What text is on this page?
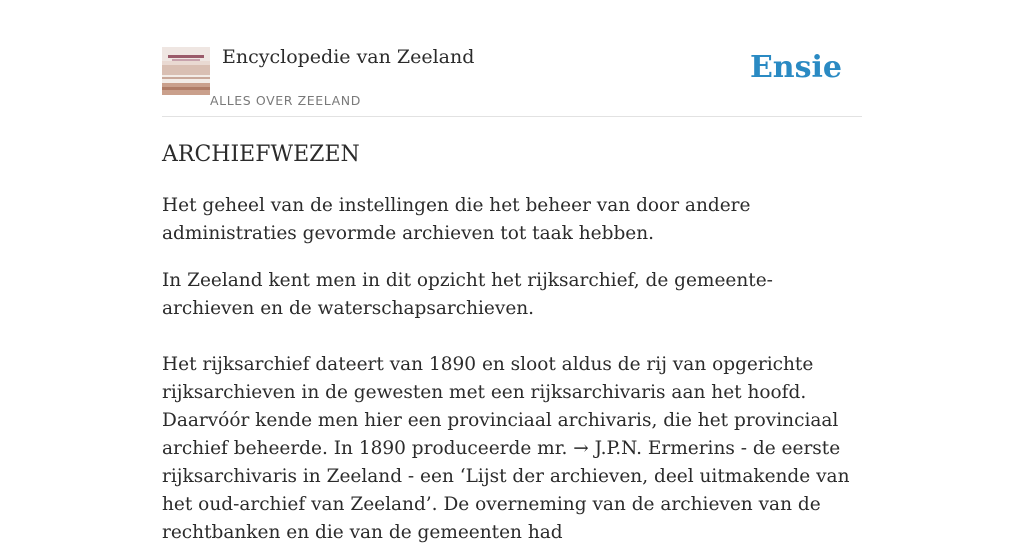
Encyclopedie van Zeeland
ALLES OVER ZEELAND
Ensie
ARCHIEFWEZEN

Het geheel van de instellingen die het beheer van door andere administraties gevormde archieven tot taak hebben.

In Zeeland kent men in dit opzicht het rijksarchief, de gemeente-archieven en de waterschapsarchieven.

Het rijksarchief dateert van 1890 en sloot aldus de rij van opgerichte rijksarchieven in de gewesten met een rijksarchivaris aan het hoofd. Daarvóór kende men hier een provinciaal archivaris, die het provinciaal archief beheerde. In 1890 produceerde mr. → J.P.N. Ermerins - de eerste rijksarchivaris in Zeeland - een ‘Lijst der archieven, deel uitmakende van het oud-archief van Zeeland’. De overneming van de archieven van de rechtbanken en die van de gemeenten had
